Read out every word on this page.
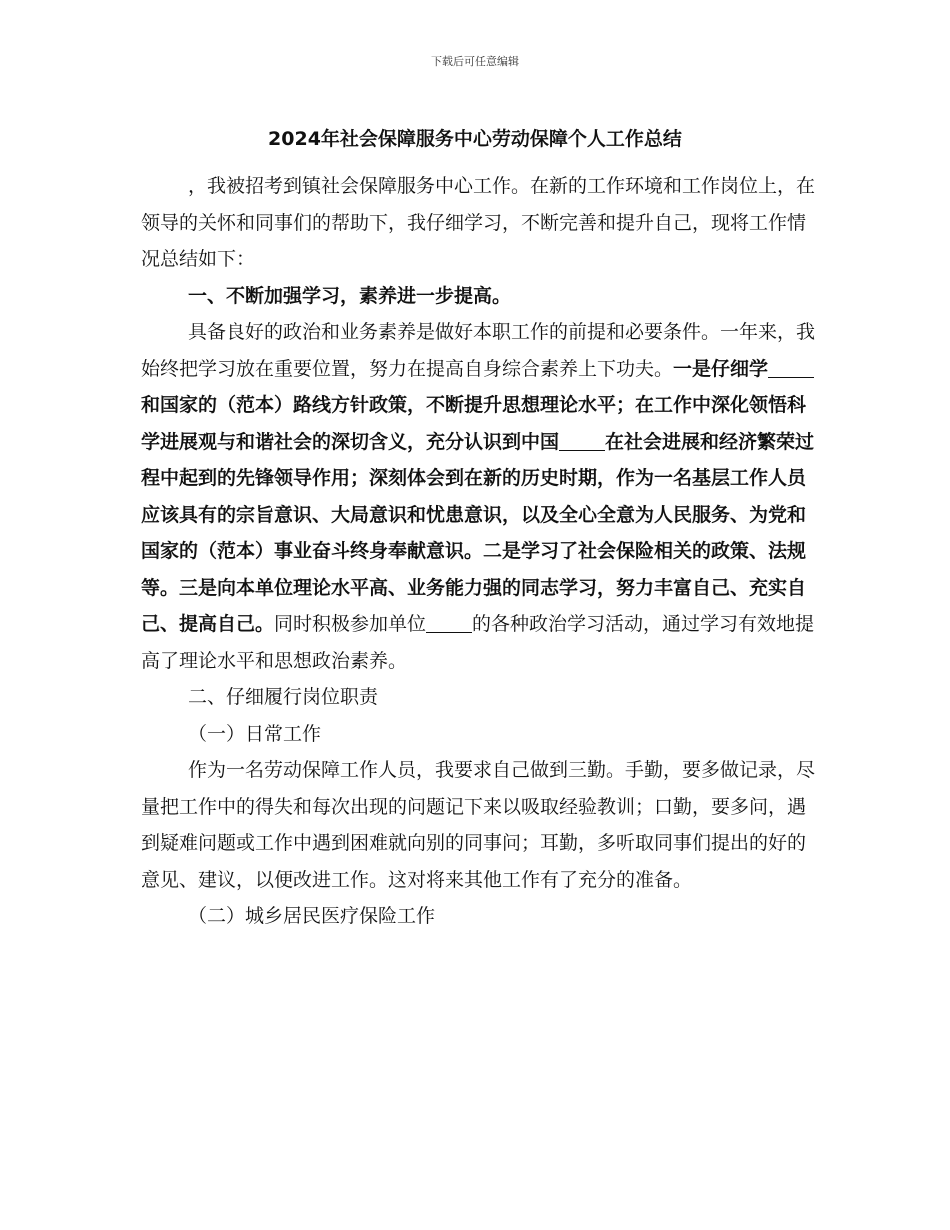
下载后可任意编辑
2024年社会保障服务中心劳动保障个人工作总结

，我被招考到镇社会保障服务中心工作。在新的工作环境和工作岗位上，在领导的关怀和同事们的帮助下，我仔细学习，不断完善和提升自己，现将工作情况总结如下：

一、不断加强学习，素养进一步提高。

具备良好的政治和业务素养是做好本职工作的前提和必要条件。一年来，我始终把学习放在重要位置，努力在提高自身综合素养上下功夫。一是仔细学和国家的（范本）路线方针政策，不断提升思想理论水平；在工作中深化领悟科学进展观与和谐社会的深切含义，充分认识到中国 在社会进展和经济繁荣过程中起到的先锋领导作用；深刻体会到在新的历史时期，作为一名基层工作人员应该具有的宗旨意识、大局意识和忧患意识，以及全心全意为人民服务、为党和国家的（范本）事业奋斗终身奉献意识。二是学习了社会保险相关的政策、法规等。三是向本单位理论水平高、业务能力强的同志学习，努力丰富自己、充实自己、提高自己。同时积极参加单位 的各种政治学习活动，通过学习有效地提高了理论水平和思想政治素养。

二、仔细履行岗位职责

（一）日常工作

作为一名劳动保障工作人员，我要求自己做到三勤。手勤，要多做记录，尽量把工作中的得失和每次出现的问题记下来以吸取经验教训；口勤，要多问，遇到疑难问题或工作中遇到困难就向别的同事问；耳勤，多听取同事们提出的好的意见、建议，以便改进工作。这对将来其他工作有了充分的准备。

（二）城乡居民医疗保险工作
